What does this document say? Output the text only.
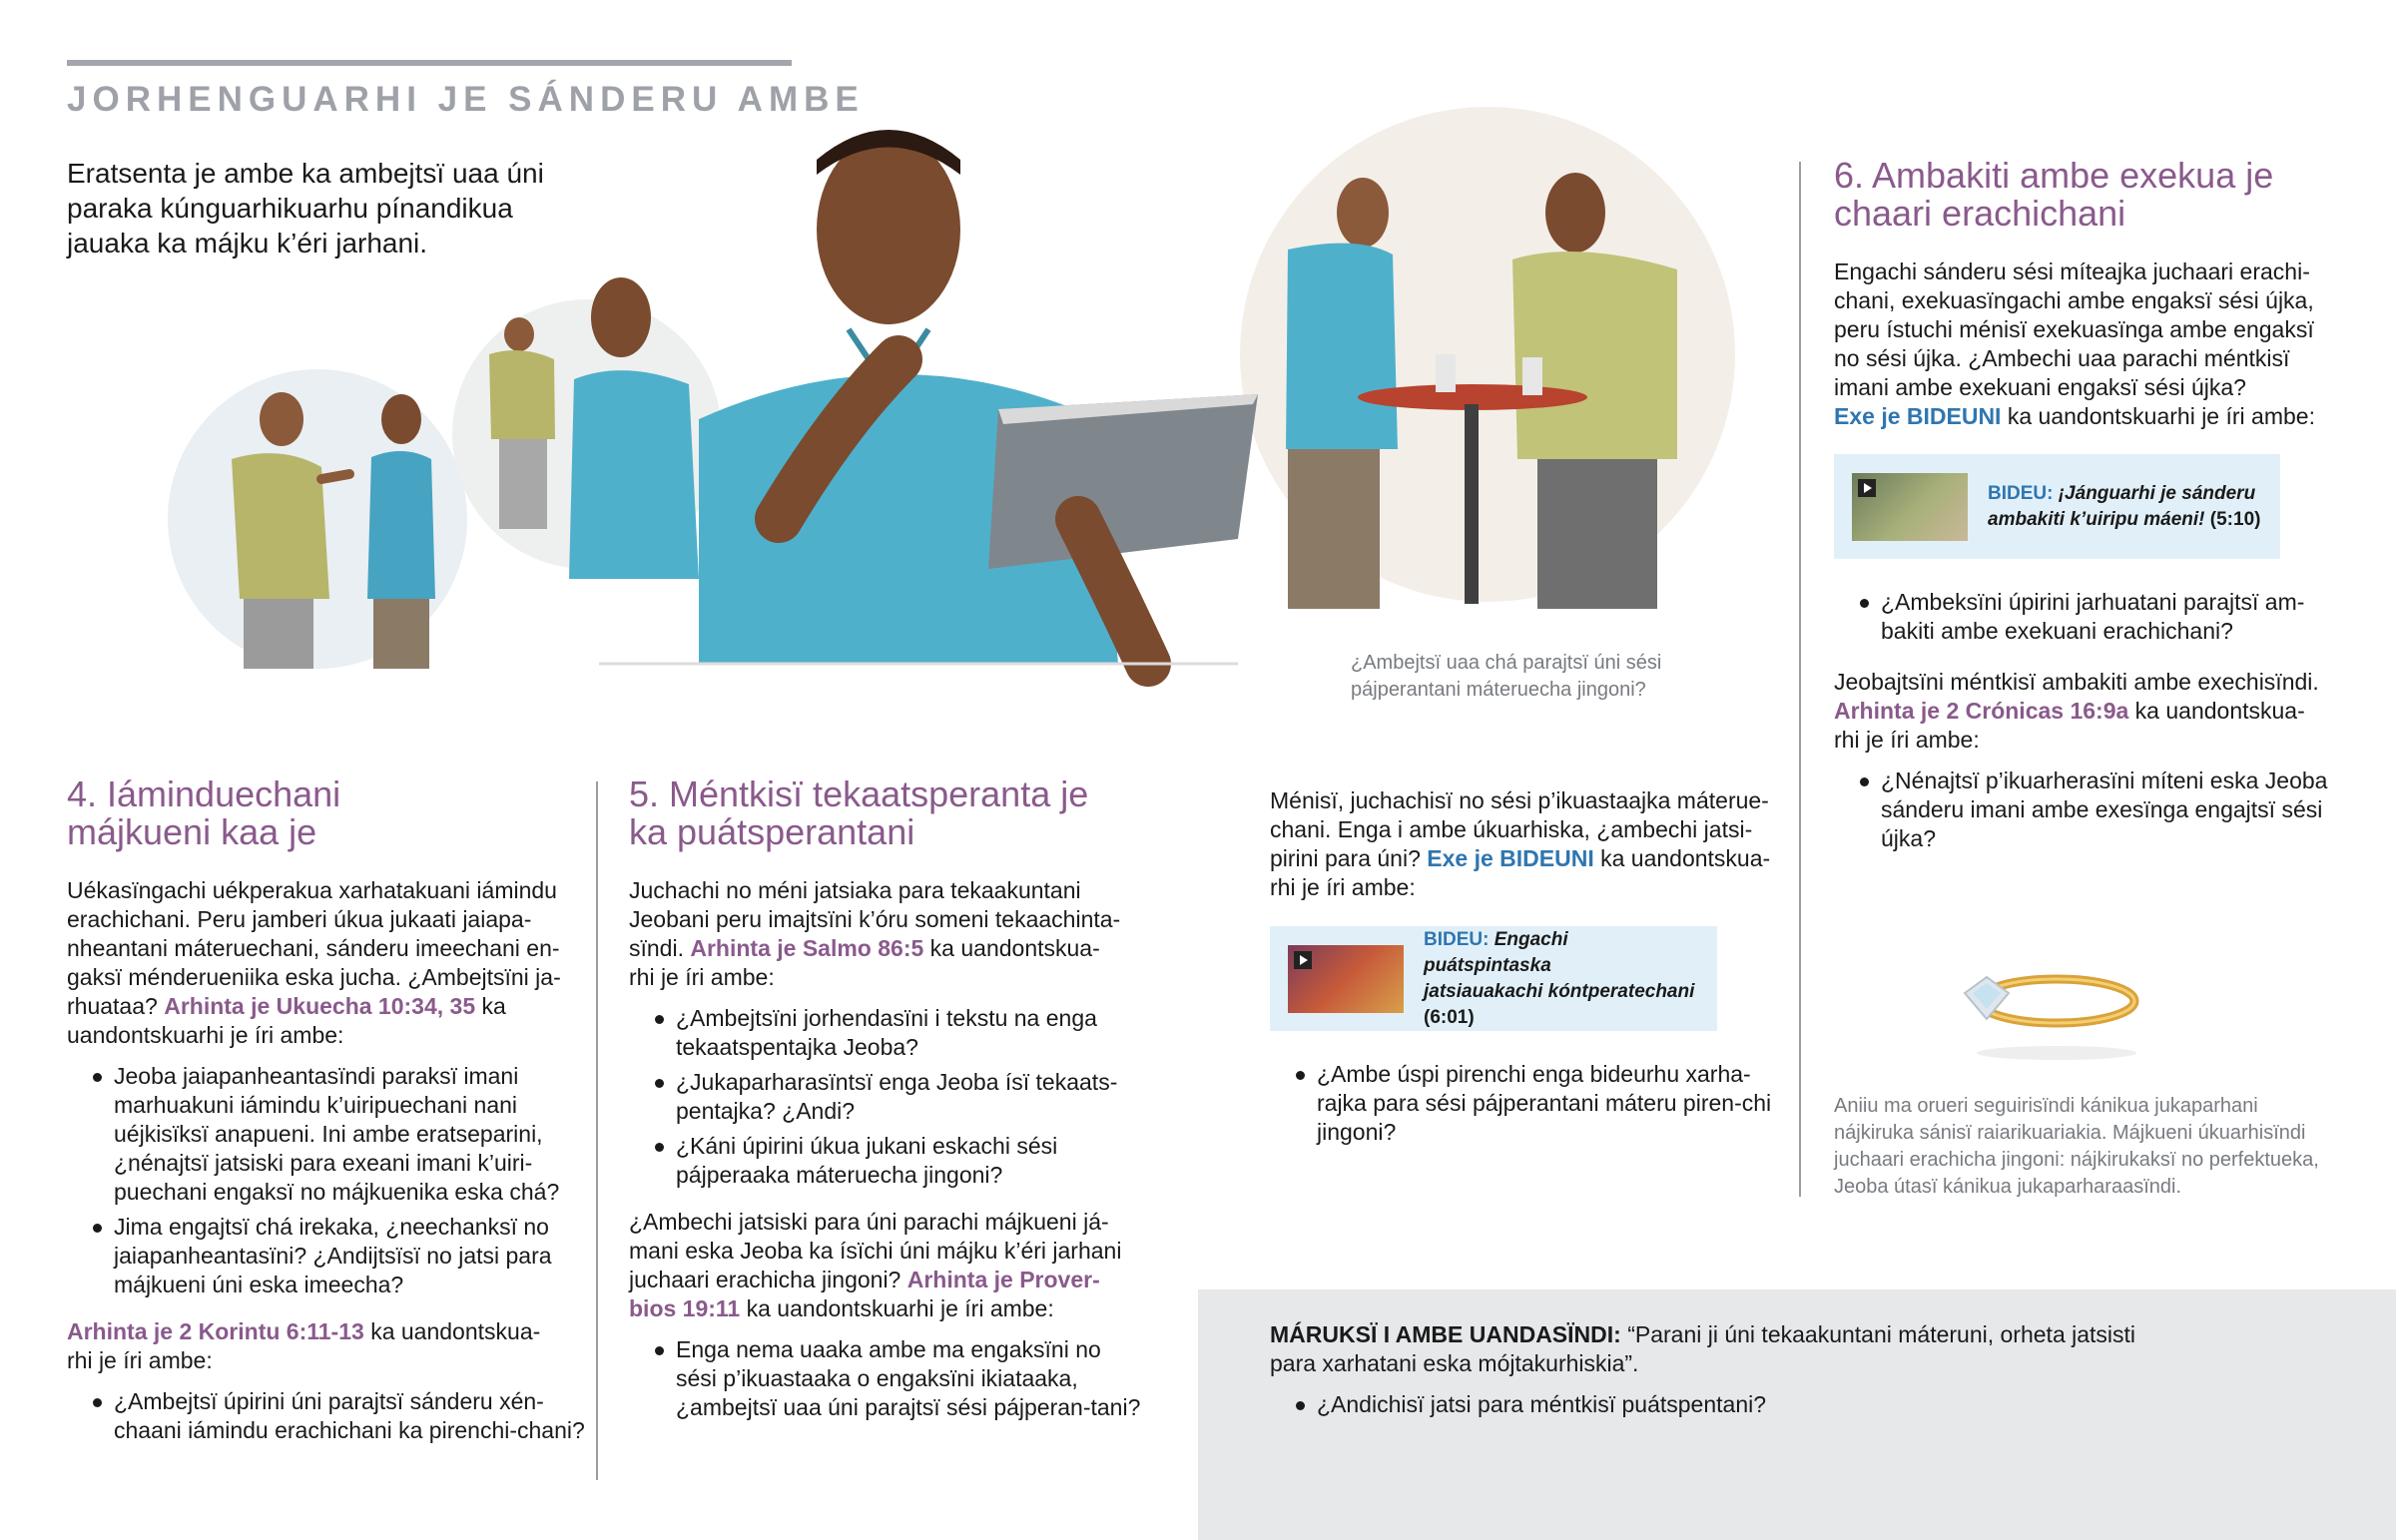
JORHENGUARHI JE SÁNDERU AMBE
Eratsenta je ambe ka ambejtsï uaa úni paraka kúnguarhikuarhu pínandikua jauaka ka májku k’éri jarhani.
¿Ambejtsï uaa chá parajtsï úni sési
pájperantani máteruecha jingoni?
4. Iáminduechani
májkueni kaa je
Uékasïngachi uékperakua xarhatakuani iámindu
erachichani. Peru jamberi úkua jukaati jaiapa-
nheantani máteruechani, sánderu imeechani en-
gaksï ménderueniika eska jucha. ¿Ambejtsïni ja-
rhuataa? Arhinta je Ukuecha 10:34, 35 ka
uandontskuarhi je íri ambe:
Jeoba jaiapanheantasïndi paraksï imani marhuakuni iámindu k’uiripuechani nani uéjkisïksï anapueni. Ini ambe eratseparini, ¿nénajtsï jatsiski para exeani imani k’uiri-puechani engaksï no májkuenika eska chá?
Jima engajtsï chá irekaka, ¿neechanksï no jaiapanheantasïni? ¿Andijtsïsï no jatsi para májkueni úni eska imeecha?
Arhinta je 2 Korintu 6:11-13 ka uandontskua-
rhi je íri ambe:
¿Ambejtsï úpirini úni parajtsï sánderu xén-chaani iámindu erachichani ka pirenchi-chani?
5. Méntkisï tekaatsperanta je
ka puátsperantani
Juchachi no méni jatsiaka para tekaakuntani
Jeobani peru imajtsïni k’óru someni tekaachinta-
sïndi. Arhinta je Salmo 86:5 ka uandontskua-
rhi je íri ambe:
¿Ambejtsïni jorhendasïni i tekstu na enga tekaatspentajka Jeoba?
¿Jukaparharasïntsï enga Jeoba ísï tekaats-pentajka? ¿Andi?
¿Káni úpirini úkua jukani eskachi sési pájperaaka máteruecha jingoni?
¿Ambechi jatsiski para úni parachi májkueni já-
mani eska Jeoba ka ísïchi úni májku k’éri jarhani
juchaari erachicha jingoni? Arhinta je Prover-
bios 19:11 ka uandontskuarhi je íri ambe:
Enga nema uaaka ambe ma engaksïni no sési p’ikuastaaka o engaksïni ikiataaka, ¿ambejtsï uaa úni parajtsï sési pájperan-tani?
Ménisï, juchachisï no sési p’ikuastaajka máterue-
chani. Enga i ambe úkuarhiska, ¿ambechi jatsi-
pirini para úni? Exe je BIDEUNI ka uandontskua-
rhi je íri ambe:
BIDEU: Engachi puátspintaska
jatsiauakachi kóntperatechani
(6:01)
¿Ambe úspi pirenchi enga bideurhu xarha-rajka para sési pájperantani máteru piren-chi jingoni?
6. Ambakiti ambe exekua je
chaari erachichani
Engachi sánderu sési míteajka juchaari erachi-
chani, exekuasïngachi ambe engaksï sési újka,
peru ístuchi ménisï exekuasïnga ambe engaksï
no sési újka. ¿Ambechi uaa parachi méntkisï
imani ambe exekuani engaksï sési újka?
Exe je BIDEUNI ka uandontskuarhi je íri ambe:
BIDEU: ¡Jánguarhi je sánderu
ambakiti k’uiripu máeni! (5:10)
¿Ambeksïni úpirini jarhuatani parajtsï am-bakiti ambe exekuani erachichani?
Jeobajtsïni méntkisï ambakiti ambe exechisïndi.
Arhinta je 2 Crónicas 16:9a ka uandontskua-
rhi je íri ambe:
¿Nénajtsï p’ikuarherasïni míteni eska Jeoba sánderu imani ambe exesïnga engajtsï sési újka?
Aniiu ma orueri seguirisïndi kánikua jukaparhani
nájkiruka sánisï raiarikuariakia. Májkueni úkuarhisïndi
juchaari erachicha jingoni: nájkirukaksï no perfektueka,
Jeoba útasï kánikua jukaparharaasïndi.
MÁRUKSÏ I AMBE UANDASÏNDI: “Parani ji úni tekaakuntani máteruni, orheta jatsisti
para xarhatani eska mójtakurhiskia”.
¿Andichisï jatsi para méntkisï puátspentani?
